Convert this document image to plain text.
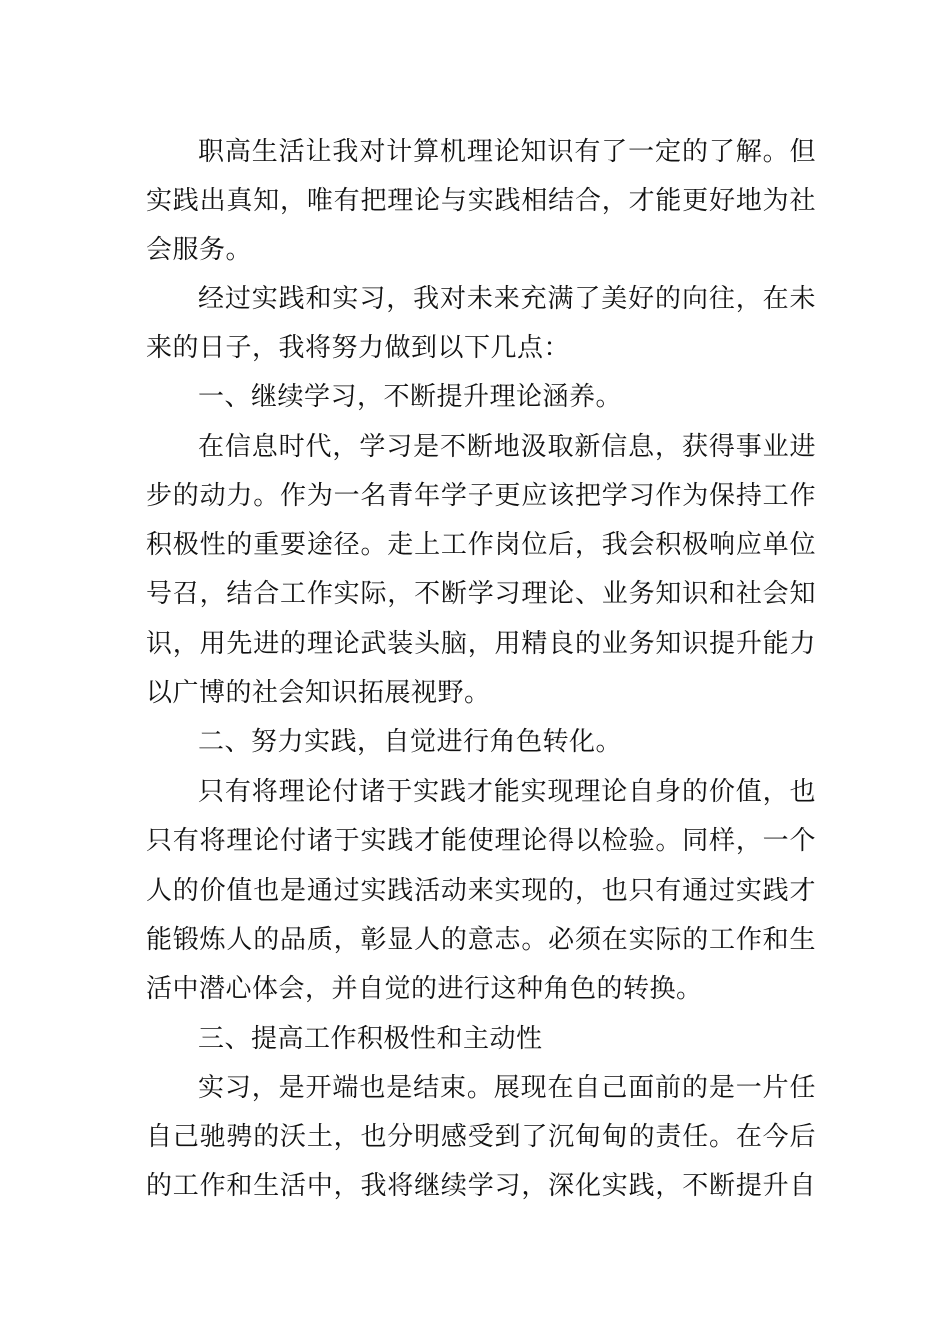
职高生活让我对计算机理论知识有了一定的了解。但
实践出真知，唯有把理论与实践相结合，才能更好地为社
会服务。
经过实践和实习，我对未来充满了美好的向往，在未
来的日子，我将努力做到以下几点：
一、继续学习，不断提升理论涵养。
在信息时代，学习是不断地汲取新信息，获得事业进
步的动力。作为一名青年学子更应该把学习作为保持工作
积极性的重要途径。走上工作岗位后，我会积极响应单位
号召，结合工作实际，不断学习理论、业务知识和社会知
识，用先进的理论武装头脑，用精良的业务知识提升能力
以广博的社会知识拓展视野。
二、努力实践，自觉进行角色转化。
只有将理论付诸于实践才能实现理论自身的价值，也
只有将理论付诸于实践才能使理论得以检验。同样，一个
人的价值也是通过实践活动来实现的，也只有通过实践才
能锻炼人的品质，彰显人的意志。必须在实际的工作和生
活中潜心体会，并自觉的进行这种角色的转换。
三、提高工作积极性和主动性
实习，是开端也是结束。展现在自己面前的是一片任
自己驰骋的沃土，也分明感受到了沉甸甸的责任。在今后
的工作和生活中，我将继续学习，深化实践，不断提升自
